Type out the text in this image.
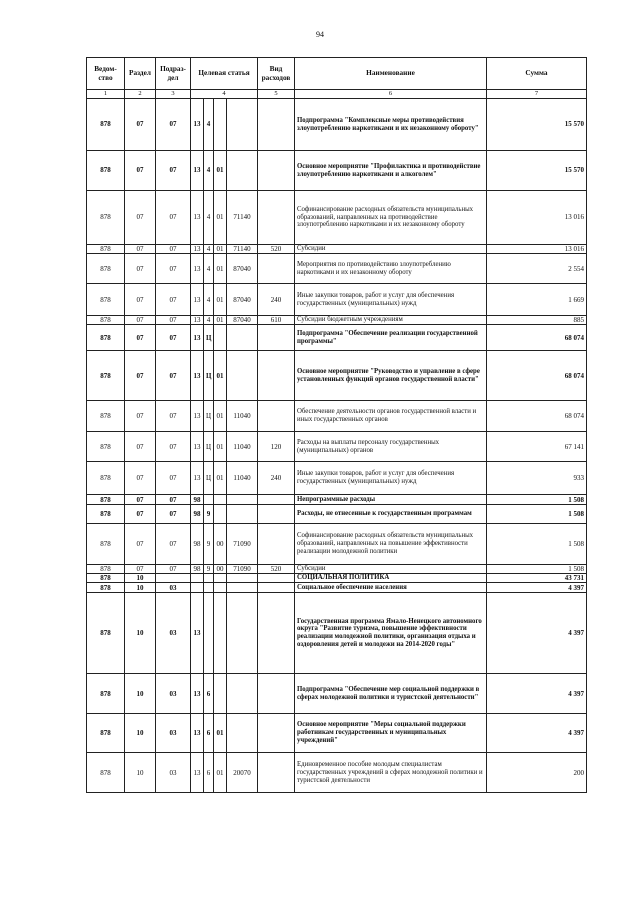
94
Ведом-ство	Раздел	Подраз-дел	Целевая статья				Вид расходов	Наименование	Сумма
1	2	3	4				5	6	7
878	07	07	13	4				Подпрограмма "Комплексные меры противодействия злоупотреблению наркотиками и их незаконному обороту"	15 570
878	07	07	13	4	01			Основное мероприятие "Профилактика и противодействие злоупотреблению наркотиками и алкоголем"	15 570
878	07	07	13	4	01	71140		Софинансирование расходных обязательств муниципальных образований, направленных на противодействие злоупотреблению наркотиками и их незаконному обороту	13 016
878	07	07	13	4	01	71140	520	Субсидии	13 016
878	07	07	13	4	01	87040		Мероприятия по противодействию злоупотреблению наркотиками и их незаконному обороту	2 554
878	07	07	13	4	01	87040	240	Иные закупки товаров, работ и услуг для обеспечения государственных (муниципальных) нужд	1 669
878	07	07	13	4	01	87040	610	Субсидии бюджетным учреждениям	885
878	07	07	13	Ц				Подпрограмма "Обеспечение реализации государственной программы"	68 074
878	07	07	13	Ц	01			Основное мероприятие "Руководство и управление в сфере установленных функций органов государственной власти"	68 074
878	07	07	13	Ц	01	11040		Обеспечение деятельности органов государственной власти и иных государственных органов	68 074
878	07	07	13	Ц	01	11040	120	Расходы на выплаты персоналу государственных (муниципальных) органов	67 141
878	07	07	13	Ц	01	11040	240	Иные закупки товаров, работ и услуг для обеспечения государственных (муниципальных) нужд	933
878	07	07	98					Непрограммные расходы	1 508
878	07	07	98	9				Расходы, не отнесенные к государственным программам	1 508
878	07	07	98	9	00	71090		Софинансирование расходных обязательств муниципальных образований, направленных на повышение эффективности реализации молодежной политики	1 508
878	07	07	98	9	00	71090	520	Субсидии	1 508
878	10							СОЦИАЛЬНАЯ ПОЛИТИКА	43 731
878	10	03						Социальное обеспечение населения	4 397
878	10	03	13					Государственная программа Ямало-Ненецкого автономного округа "Развитие туризма, повышение эффективности реализации молодежной политики, организация отдыха и оздоровления детей и молодежи на 2014-2020 годы"	4 397
878	10	03	13	6				Подпрограмма "Обеспечение мер социальной поддержки в сферах молодежной политики и туристской деятельности"	4 397
878	10	03	13	6	01			Основное мероприятие "Меры социальной поддержки работникам государственных и муниципальных учреждений"	4 397
878	10	03	13	6	01	20070		Единовременное пособие молодым специалистам государственных учреждений в сферах молодежной политики и туристской деятельности	200
